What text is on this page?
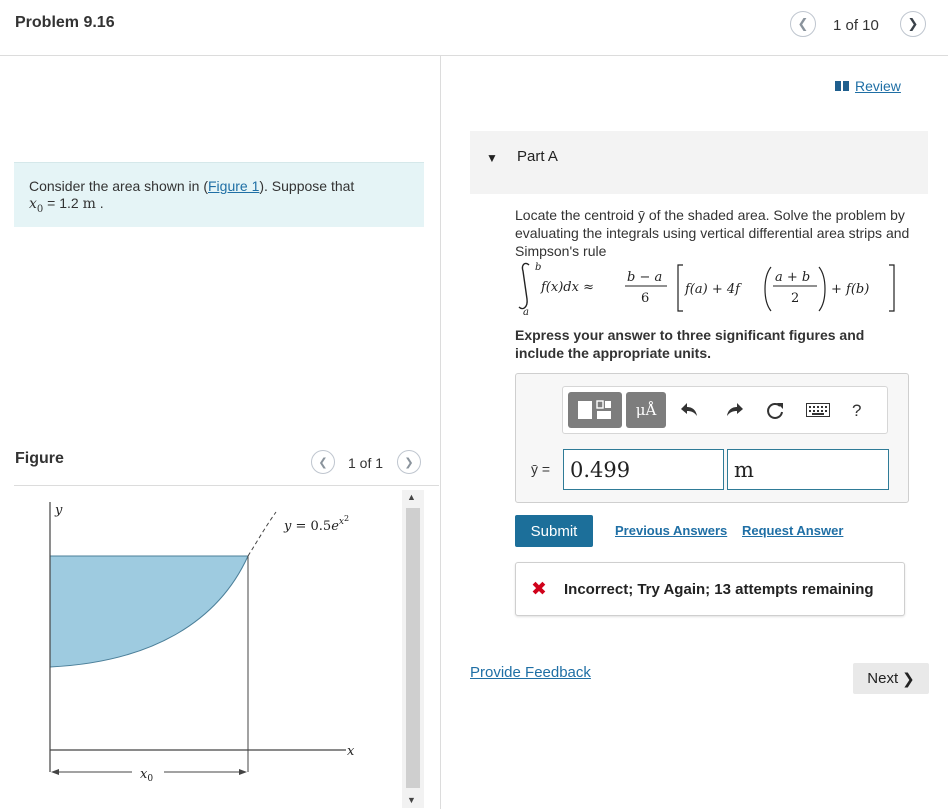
Problem 9.16	❮ 1 of 10 ❯
Consider the area shown in (Figure 1). Suppose that
$x_0 = 1.2$ m .
Figure	❮ 1 of 1 ❯
y
x
$y = 0.5e^{x2}$
$x_0$
▲
▼
Review
▼ Part A
Locate the centroid ȳ of the shaded area. Solve the problem by evaluating the integrals using vertical differential area strips and Simpson's rule
b
a
f(x)dx ≈
b − a
6
f(a) + 4f
a + b
2
+ f(b)
Express your answer to three significant figures and include the appropriate units.
μÅ	?
ȳ =
0.499
m
Submit	Previous Answers Request Answer
✖ Incorrect; Try Again; 13 attempts remaining
Provide Feedback	Next ❯
